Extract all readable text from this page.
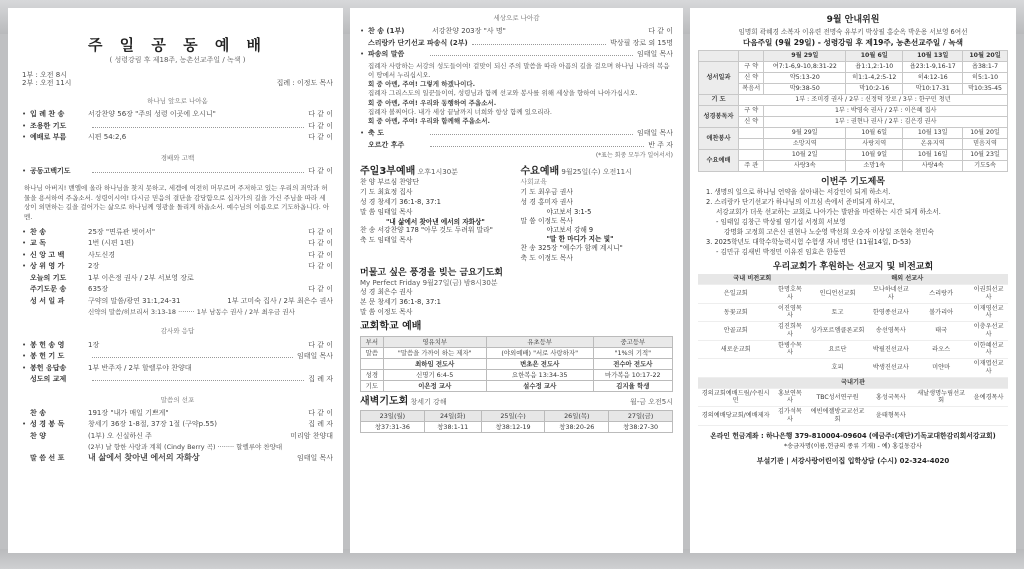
주 일 공 동 예 배
( 성령강림 후 제18주, 농촌선교주일 / 녹색 )
1부 : 오전 8시
2부 : 오전 11시	집례 : 이정도 목사
하나님 앞으로 나아옴
• 입 례 찬 송	서강찬양 56장 "주의 성령 이곳에 오시니"	다 같 이
• 조용한 기도	다 같 이
• 예배로 부름	시편 54:2,6	다 같 이
경배와 고백
• 공동고백기도	다 같 이
하나님 아버지! 밴엘에 올라 하나님을 찾지 못하고, 세겜에 여전히 머무르며 주저하고 있는 우리의 죄악과 허물을 용서하여 주옵소서. 성령이시여! 다시금 믿음의 결단을 감당함으로 십자가의 길을 가신 주님을 따라 세상이 외면하는 길을 걸어가는 삶으로 하나님께 영광을 돌리게 하옵소서. 예수님의 이름으로 기도하옵니다. 아멘.
• 찬 송	25장 "면류관 벗어서"	다 같 이
• 교 독	1번 (시편 1편)	다 같 이
• 신 앙 고 백	사도신경	다 같 이
• 상 위 영 가	2장	다 같 이
오늘의 기도	1부 이은정 권사 / 2부 서보영 장로
주기도문 송	635장	다 같 이
성 서 일 과	구약의 말씀/광연 31:1,24-31	1부 고미숙 집사 / 2부 최은수 권사
신약의 말씀/히브리서 3:13-18 ········ 1부 남동수 권사 / 2부 최우금 권사
감사와 응답
• 봉 헌 송 영	1장	다 같 이
• 봉 헌 기 도	임태일 목사
• 봉헌 응답송	1부 반주자 / 2부 할렐루야 찬양대
성도의 교제	집 례 자
말씀의 선포
찬 송	191장 "내가 매일 기쁘게"	다 같 이
• 성 경 봉 독	창세기 36장 1-8절, 37장 1절 (구약p.55)	집 례 자
찬 양	(1부) 오 신실하신 주	미리암 찬양대
(2부) 날 향한 사랑과 계획 (Cindy Berry 곡) ········ 할렐루야 찬양대
말 씀 선 포	내 삶에서 찾아낸 에서의 자화상	임태일 목사
세상으로 나아감
• 찬 송 (1부)	서강찬양 203장 "사 명"	다 같 이
스리랑카 단기선교 파송식 (2부)	박상필 장로 외 15명
• 파송의 말씀	임태일 목사
집례자 사랑하는 서강의 성도들이여! 겉맞이 되신 주의 말씀을 따라 아픔의 길을 걸으며 하나님 나라의 복음 이 땅에서 누리십시오.
회 중 아멘, 주여! 그렇게 하겠나이다.
집례자 그리스도의 일꾼들이여, 성령님과 함께 선교와 봉사를 위해 세상을 향하여 나아가십시오.
회 중 아멘, 주여! 우리와 동행하여 주옵소서.
집례자 볼찌어다. 내가 세상 끝날까지 너희와 항상 함께 있으리라.
회 중 아멘, 주여! 우리와 함께해 주옵소서.
• 축 도	임태일 목사
오르간 후주	반 주 자
(*표는 회중 모두가 일어서서)
주일3부예배 오후1시30분
찬 양 부르심 찬양단
기 도 최효정 집사
성 경 창세기 36:1-8, 37:1
말 씀 임태일 목사
"내 삶에서 찾아낸 에서의 자화상"
찬 송 서강찬양 178 "아무 것도 두려워 말라"
축 도 임태일 목사
수요예배 9월25일(수) 오전11시
사회교육
기 도 최우금 권사
성 경 홍미자 권사
야고보서 3:1-5
말 씀 이정도 목사
야고보서 강해 9
"말 한 마디가 지는 빛"
찬 송 325장 "예수가 함께 계시니"
축 도 이정도 목사
머물고 싶은 풍경을 빚는 금요기도회
My Perfect Friday 9월27일(금) 밤8시30분
성 경 최은수 권사
본 문 창세기 36:1-8, 37:1
말 씀 이정도 목사
교회학교 예배
부서	영유치부	유초등부	중고등부
말씀	"말씀을 가까이 하는 제자"	(야외예배) "서로 사랑하자"	"1%의 기적"
	최하임 전도사	변초은 전도사	전수아 전도사
성경	신명기 6:4-5	요한복음 13:34-35	마가복음 10:17-22
기도	이은정 교사	설수정 교사	김지율 학생
새벽기도회 창세기 강해	월-금 오전5시
23일(월)	24일(화)	25일(수)	26일(목)	27일(금)
창37:31-36	창38:1-11	창38:12-19	창38:20-26	창38:27-30
9월 안내위원
임명희 곽혜경 소복자 이유련 전명숙 유부키 박상필 홍순옥 박운용 서보영 6여선
다음주일 (9월 29일) - 성령강림 후 제19주, 농촌선교주일 / 녹색
		9월 29일	10월 6일	10월 13일	10월 20일
성서일과	구 약	여7:1-6,9-10,8:31-22	욥1:1,2:1-10	욥23:1-9,16-17	욥38:1-7
	신 약	약5:13-20	히1:1-4,2:5-12	히4:12-16	히5:1-10
	복음서	막9:38-50	막10:2-16	막10:17-31	막10:35-45
기 도	1부 : 조미경 권사 / 2부 : 신정덕 장로 / 3부 : 한구민 청년				
성경봉독자	구 약	1부 : 박영숙 권사 / 2부 : 이은혜 집사			
	신 약	1부 : 권현나 권사 / 2부 : 김은경 권사			
애찬봉사		9월 29일	10월 6일	10월 13일	10월 20일
		소망지역	사랑지역	온유지역	믿음지역
수요예배		10월 2일	10월 9일	10월 16일	10월 23일
	주 관	사랑3속	소망1속	사랑4속	기도5속
이번주 기도제목
1. 생명의 일으로 하나님 언약을 살아내는 서강인이 되게 하소서.
2. 스리랑카 단기선교가 하나님의 이끄심 속에서 준비되게 하시고,
서강교회가 더욱 선교하는 교회로 나아가는 발판을 마련하는 시간 되게 하소서.
- 임태일 김창근 박상필 염기섭 서정희 서보영
강명화 고정희 고은신 권현나 노순영 박선희 오승자 이상일 조현숙 천민숙
3. 2025학년도 대학수학능력시험 수험생 자녀 명단 (11월14일, D-53)
- 김민규 김새빈 박정민 이유진 임효은 한동연
우리교회가 후원하는 선교지 및 비전교회
국내 비전교회		해외 선교사			
은일교회	한명호목사	인디언선교회	모나하네선교사	스리랑카	이권희선교사
동꽃교회	이진영목사	토고	한영종선교사	볼가리아	이재영선교사
안골교회	김진희목사	싱가포르엠클론교회	송선영목사	태국	이충우선교사
새로운교회	한병수목사	요르단	박필진선교사	라오스	이한혜선교사
		호피	박생진선교사	미얀마	이재엽선교사
국내기관					
경의교회예배드림/수원시민	홍보연목사	TBC성서연구원	홍성국목사	새날생명누림선교회	윤예경목사
경의예배당교회/예배제자	김가석목사	에빈에젤방교교선교회	윤태형목사		
온라인 헌금계좌 : 하나은행 379-810004-09604 (예금주:(재단)기독교대한감리회서강교회)
*송금자명(이름,헌금의 종류 기재) - 예) 홍길동감사
부설기관 | 서강사랑어린이집 입학상담 (수시) 02-324-4020
